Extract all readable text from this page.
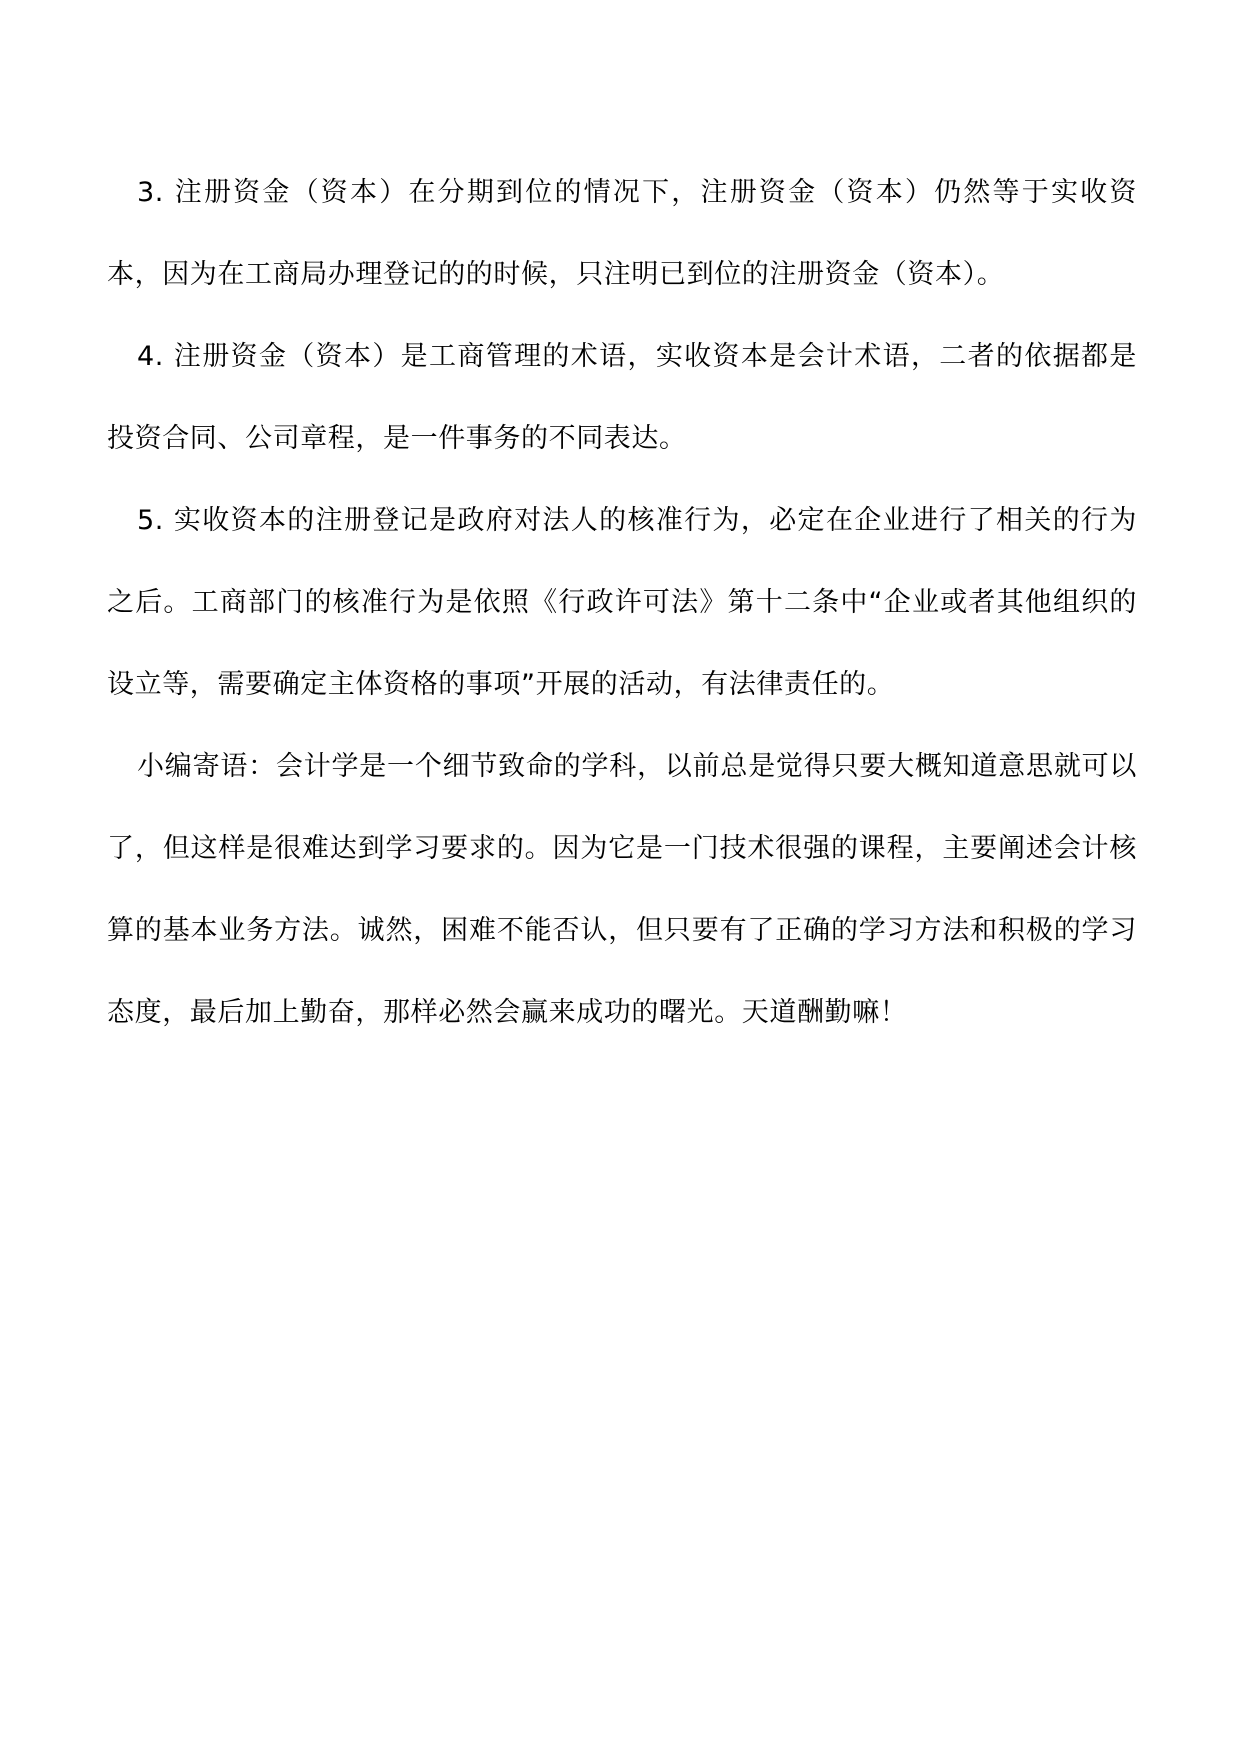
3. 注册资金（资本）在分期到位的情况下，注册资金（资本）仍然等于实收资本，因为在工商局办理登记的的时候，只注明已到位的注册资金（资本）。

4. 注册资金（资本）是工商管理的术语，实收资本是会计术语，二者的依据都是投资合同、公司章程，是一件事务的不同表达。

5. 实收资本的注册登记是政府对法人的核准行为，必定在企业进行了相关的行为之后。工商部门的核准行为是依照《行政许可法》第十二条中“企业或者其他组织的设立等，需要确定主体资格的事项”开展的活动，有法律责任的。

小编寄语：会计学是一个细节致命的学科，以前总是觉得只要大概知道意思就可以了，但这样是很难达到学习要求的。因为它是一门技术很强的课程，主要阐述会计核算的基本业务方法。诚然，困难不能否认，但只要有了正确的学习方法和积极的学习态度，最后加上勤奋，那样必然会赢来成功的曙光。天道酬勤嘛！
